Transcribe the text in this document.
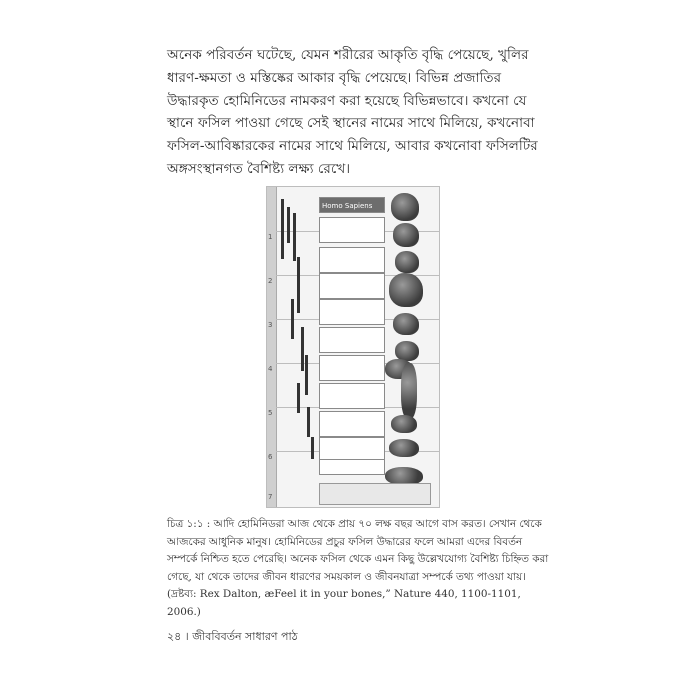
অনেক পরিবর্তন ঘটেছে, যেমন শরীরের আকৃতি বৃদ্ধি পেয়েছে, খুলির
ধারণ-ক্ষমতা ও মস্তিষ্কের আকার বৃদ্ধি পেয়েছে। বিভিন্ন প্রজাতির
উদ্ধারকৃত হোমিনিডের নামকরণ করা হয়েছে বিভিন্নভাবে। কখনো যে
স্থানে ফসিল পাওয়া গেছে সেই স্থানের নামের সাথে মিলিয়ে, কখনোবা
ফসিল-আবিষ্কারকের নামের সাথে মিলিয়ে, আবার কখনোবা ফসিলটির
অঙ্গসংস্থানগত বৈশিষ্ট্য লক্ষ্য রেখে।
1
2
3
4
5
6
7
Homo Sapiens
চিত্র ১:১ : আদি হোমিনিডরা আজ থেকে প্রায় ৭০ লক্ষ বছর আগে বাস করত। সেখান থেকে
আজকের আধুনিক মানুষ। হোমিনিডের প্রচুর ফসিল উদ্ধারের ফলে আমরা এদের বিবর্তন
সম্পর্কে নিশ্চিত হতে পেরেছি। অনেক ফসিল থেকে এমন কিছু উল্লেখযোগ্য বৈশিষ্ট্য চিহ্নিত করা
গেছে, যা থেকে তাদের জীবন ধারণের সময়কাল ও জীবনযাত্রা সম্পর্কে তথ্য পাওয়া যায়।
(দ্রষ্টব্য: Rex Dalton, æFeel it in your bones,” Nature 440, 1100-1101,
2006.)
২৪ । জীববিবর্তন সাধারণ পাঠ
